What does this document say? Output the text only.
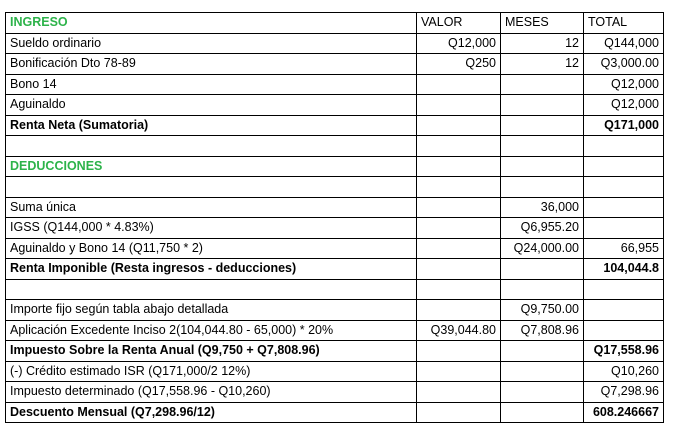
INGRESO	VALOR	MESES	TOTAL
Sueldo ordinario	Q12,000	12	Q144,000
Bonificación Dto 78-89	Q250	12	Q3,000.00
Bono 14			Q12,000
Aguinaldo			Q12,000
Renta Neta (Sumatoria)			Q171,000

DEDUCCIONES			

Suma única		36,000	
IGSS (Q144,000 * 4.83%)		Q6,955.20	
Aguinaldo y Bono 14 (Q11,750 * 2)		Q24,000.00	66,955
Renta Imponible (Resta ingresos - deducciones)			104,044.8

Importe fijo según tabla abajo detallada		Q9,750.00	
Aplicación Excedente Inciso 2(104,044.80 - 65,000) * 20%	Q39,044.80	Q7,808.96	
Impuesto Sobre la Renta Anual (Q9,750 + Q7,808.96)			Q17,558.96
(-) Crédito estimado ISR (Q171,000/2 12%)			Q10,260
Impuesto determinado (Q17,558.96 - Q10,260)			Q7,298.96
Descuento Mensual (Q7,298.96/12)			608.246667
